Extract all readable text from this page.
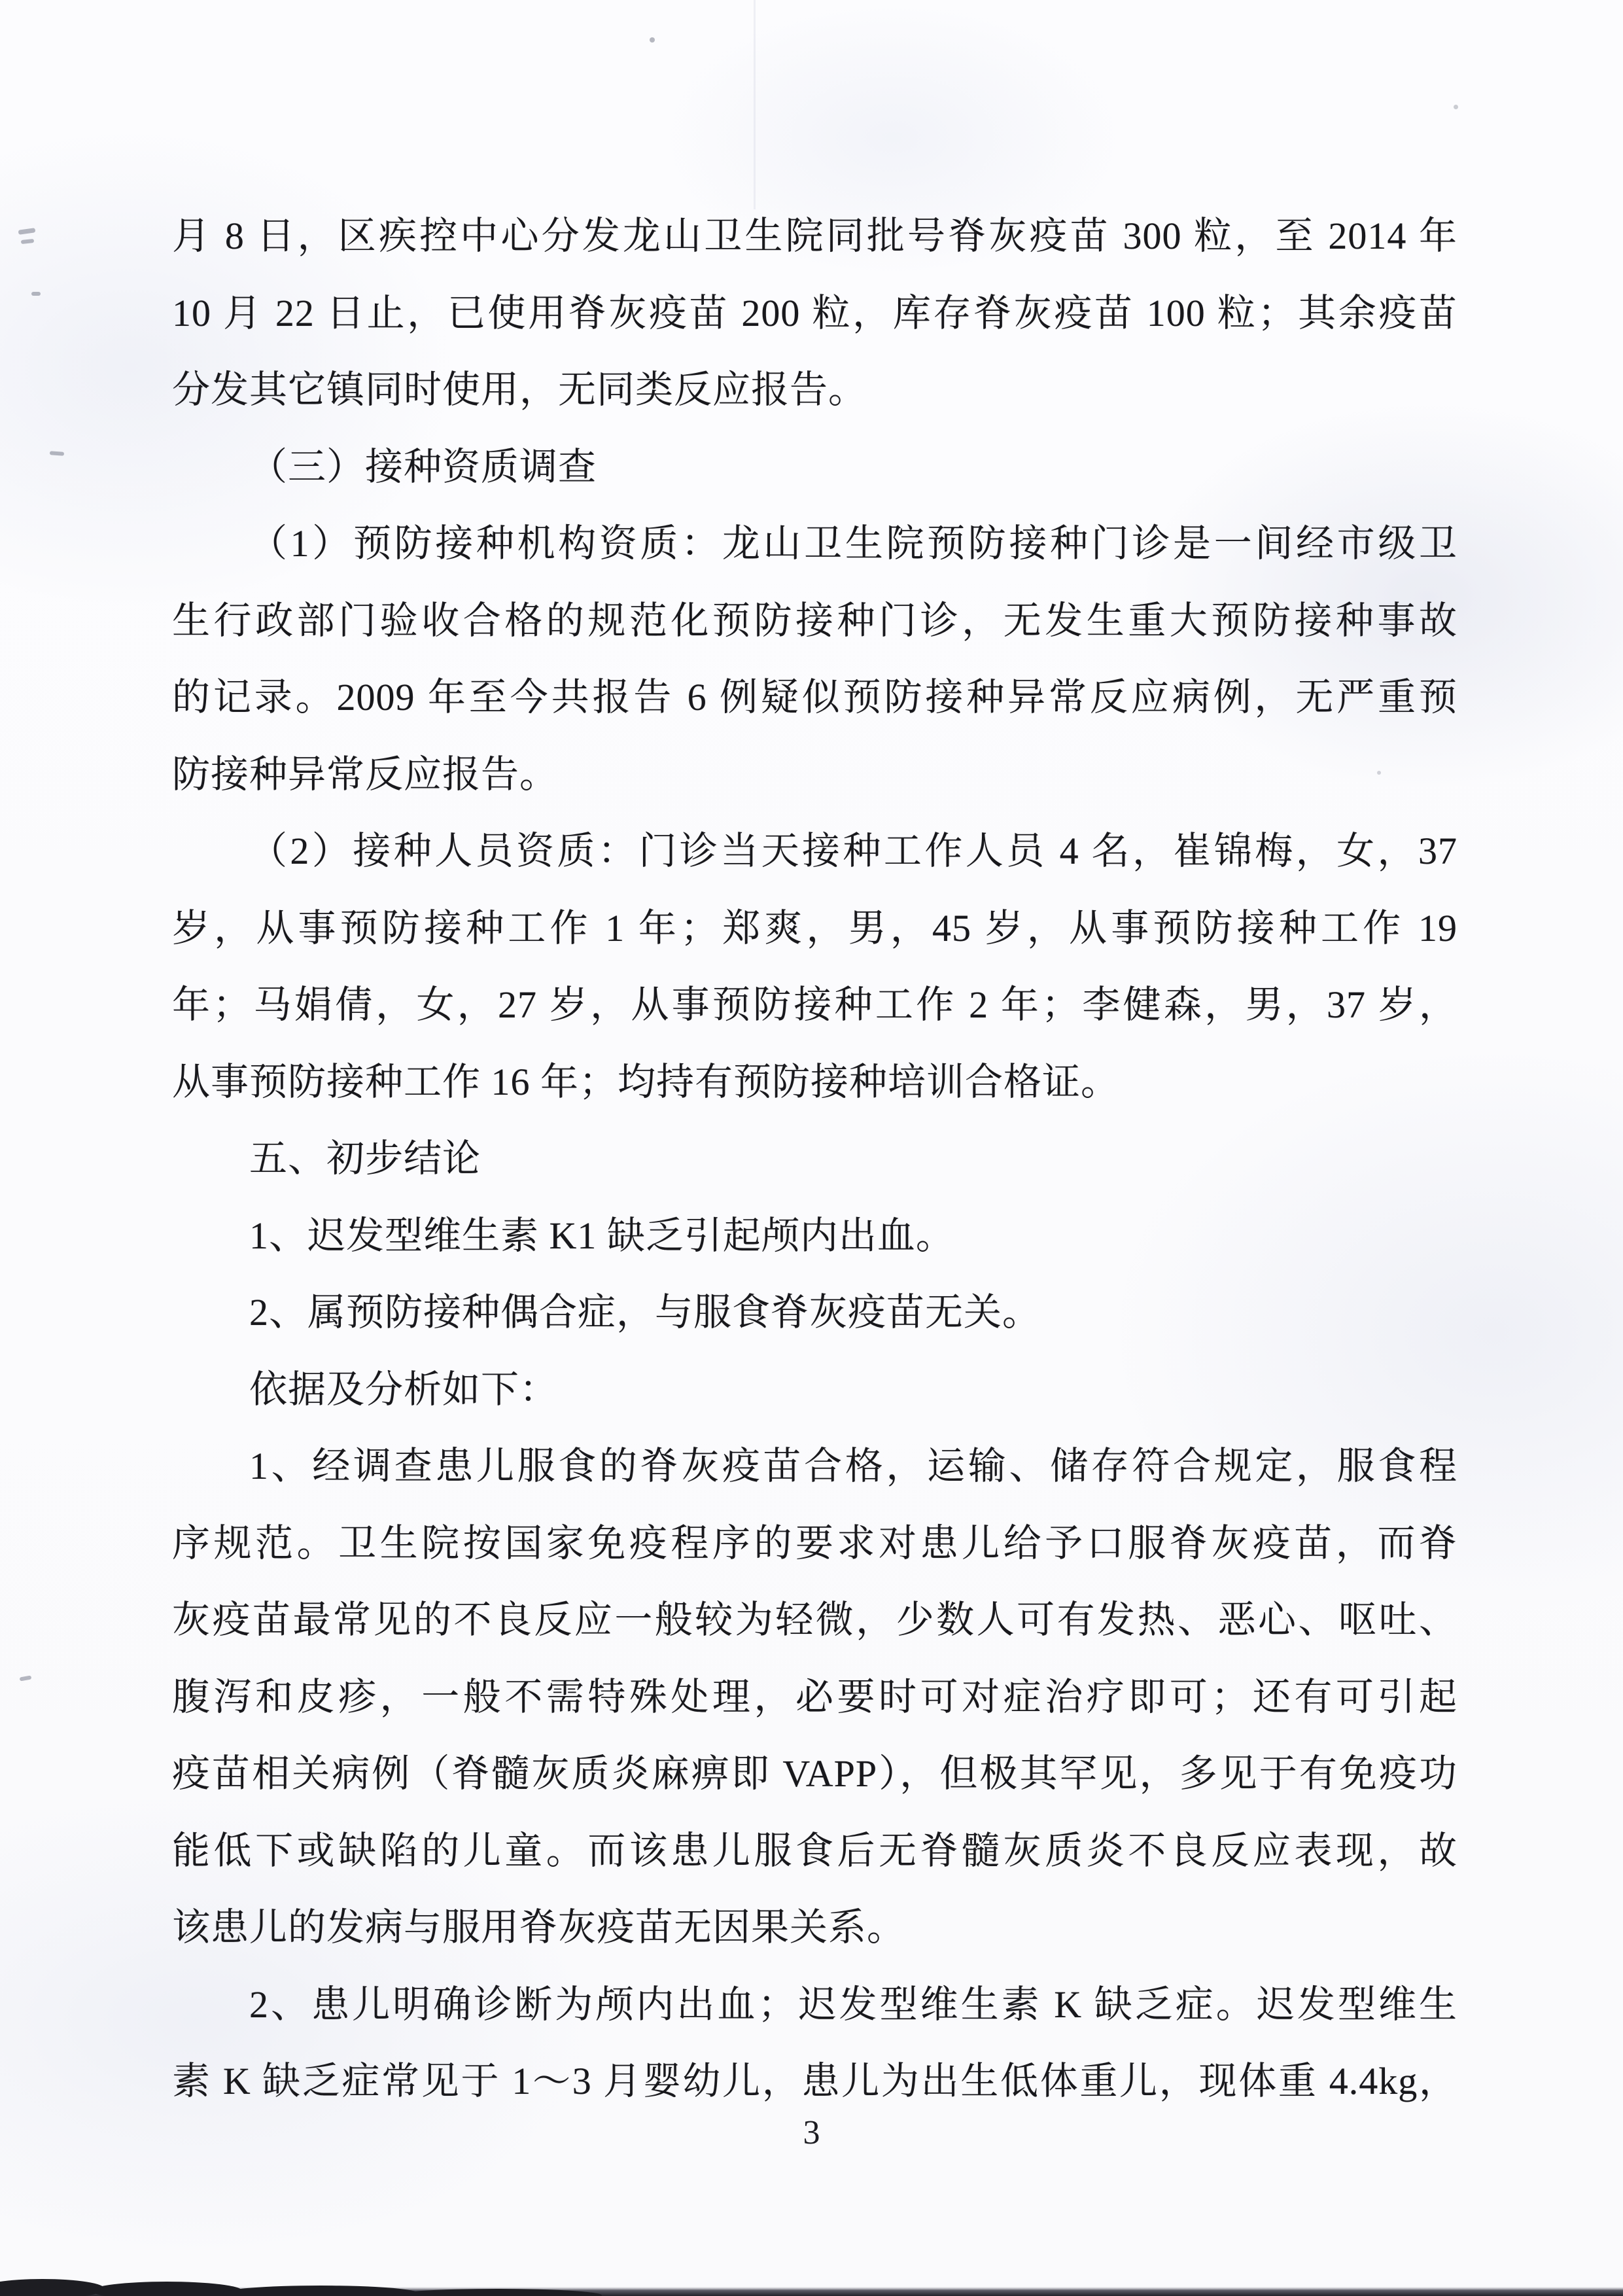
月 8 日，区疾控中心分发龙山卫生院同批号脊灰疫苗 300 粒，至 2014 年
10 月 22 日止，已使用脊灰疫苗 200 粒，库存脊灰疫苗 100 粒；其余疫苗
分发其它镇同时使用，无同类反应报告。
（三）接种资质调查
（1）预防接种机构资质：龙山卫生院预防接种门诊是一间经市级卫
生行政部门验收合格的规范化预防接种门诊，无发生重大预防接种事故
的记录。2009 年至今共报告 6 例疑似预防接种异常反应病例，无严重预
防接种异常反应报告。
（2）接种人员资质：门诊当天接种工作人员 4 名，崔锦梅，女，37
岁，从事预防接种工作 1 年；郑爽，男，45 岁，从事预防接种工作 19
年；马娟倩，女，27 岁，从事预防接种工作 2 年；李健森，男，37 岁，
从事预防接种工作 16 年；均持有预防接种培训合格证。
五、初步结论
1、迟发型维生素 K1 缺乏引起颅内出血。
2、属预防接种偶合症，与服食脊灰疫苗无关。
依据及分析如下：
1、经调查患儿服食的脊灰疫苗合格，运输、储存符合规定，服食程
序规范。卫生院按国家免疫程序的要求对患儿给予口服脊灰疫苗，而脊
灰疫苗最常见的不良反应一般较为轻微，少数人可有发热、恶心、呕吐、
腹泻和皮疹，一般不需特殊处理，必要时可对症治疗即可；还有可引起
疫苗相关病例（脊髓灰质炎麻痹即 VAPP），但极其罕见，多见于有免疫功
能低下或缺陷的儿童。而该患儿服食后无脊髓灰质炎不良反应表现，故
该患儿的发病与服用脊灰疫苗无因果关系。
2、患儿明确诊断为颅内出血；迟发型维生素 K 缺乏症。迟发型维生
素 K 缺乏症常见于 1～3 月婴幼儿，患儿为出生低体重儿，现体重 4.4kg，
3
